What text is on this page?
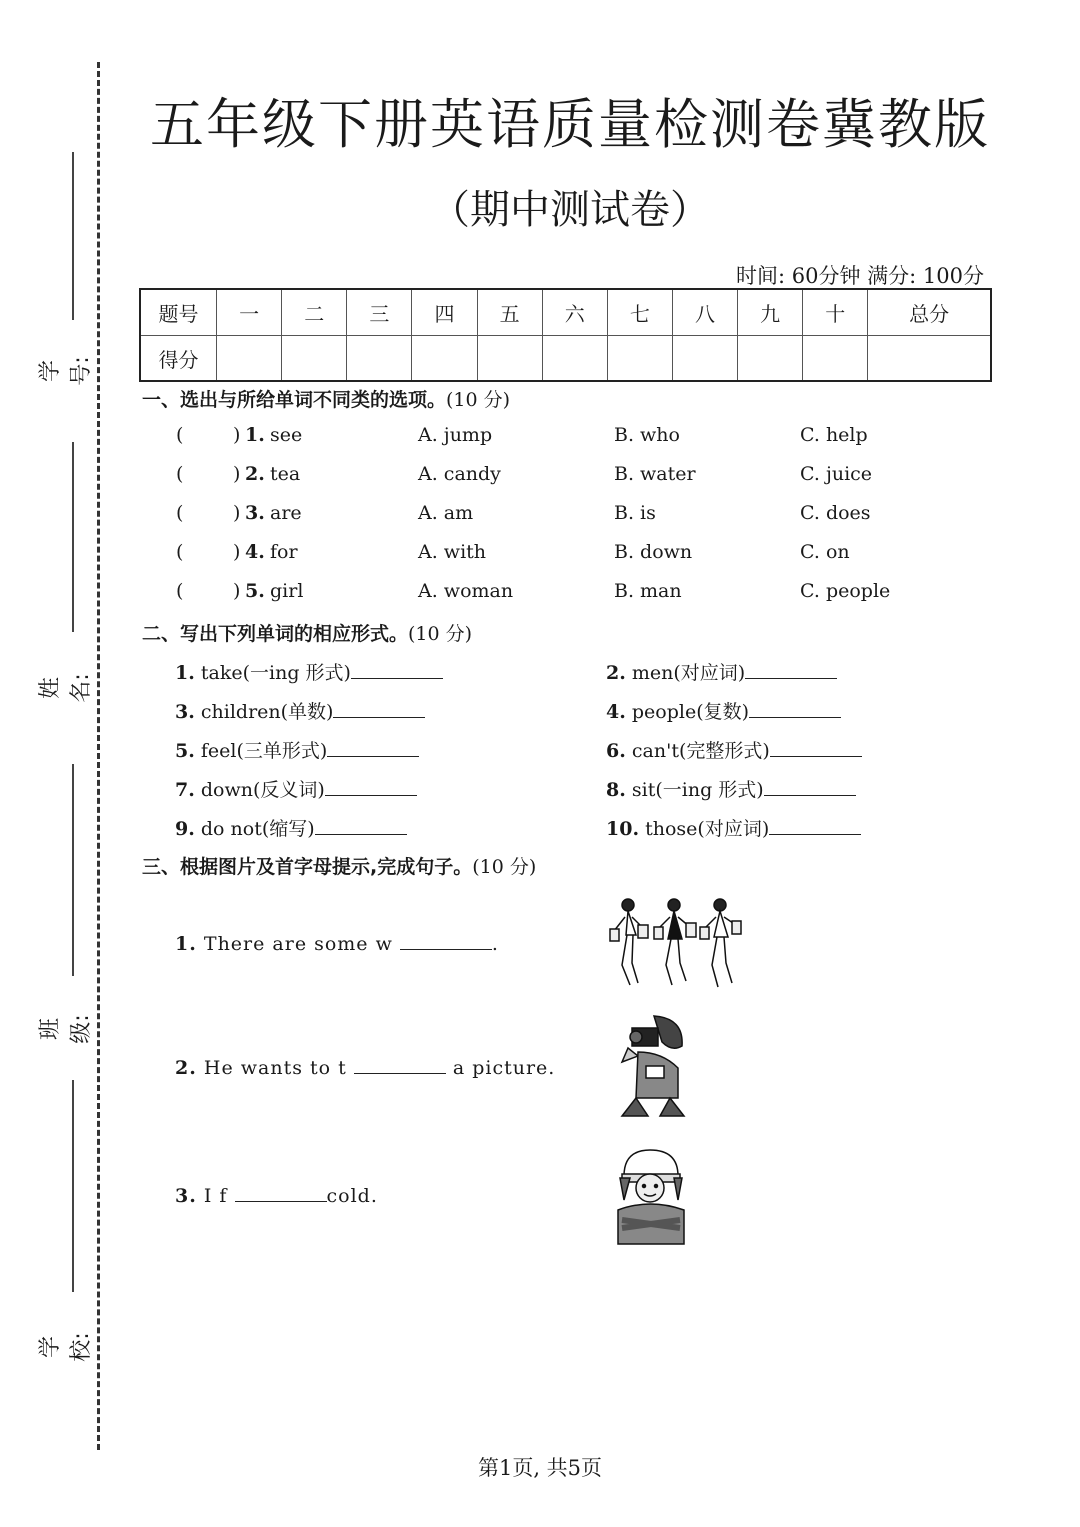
学号:
姓名:
班级:
学校:
五年级下册英语质量检测卷冀教版
（期中测试卷）
时间: 60分钟 满分: 100分
题号	一	二	三	四	五	六	七	八	九	十	总分
得分											
一、选出与所给单词不同类的选项。(10 分)
(	) 1. see	A. jump	B. who	C. help
(	) 2. tea	A. candy	B. water	C. juice
(	) 3. are	A. am	B. is	C. does
(	) 4. for	A. with	B. down	C. on
(	) 5. girl	A. woman	B. man	C. people
二、写出下列单词的相应形式。(10 分)
1. take(一ing 形式)	2. men(对应词)
3. children(单数)	4. people(复数)
5. feel(三单形式)	6. can't(完整形式)
7. down(反义词)	8. sit(一ing 形式)
9. do not(缩写)	10. those(对应词)
三、根据图片及首字母提示,完成句子。(10 分)
1. There are some w	.
2. He wants to t	a picture.
3. I f	cold.
第1页, 共5页
